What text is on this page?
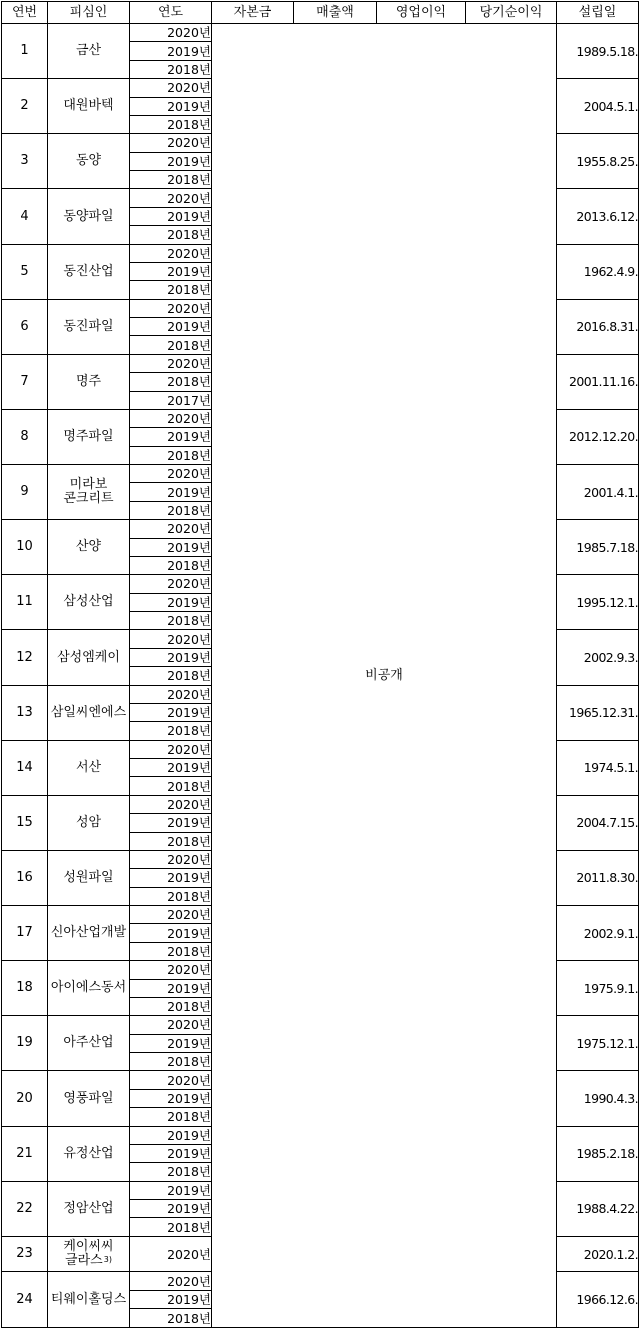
연번	피심인	연도	자본금	매출액	영업이익	당기순이익	설립일
1	금산	2020년	비공개				1989.5.18.
		2019년					
		2018년					
2	대원바텍	2020년					2004.5.1.
		2019년					
		2018년					
3	동양	2020년					1955.8.25.
		2019년					
		2018년					
4	동양파일	2020년					2013.6.12.
		2019년					
		2018년					
5	동진산업	2020년					1962.4.9.
		2019년					
		2018년					
6	동진파일	2020년					2016.8.31.
		2019년					
		2018년					
7	명주	2020년					2001.11.16.
		2018년					
		2017년					
8	명주파일	2020년					2012.12.20.
		2019년					
		2018년					
9	미라보
콘크리트	2020년					2001.4.1.
		2019년					
		2018년					
10	산양	2020년					1985.7.18.
		2019년					
		2018년					
11	삼성산업	2020년					1995.12.1.
		2019년					
		2018년					
12	삼성엠케이	2020년					2002.9.3.
		2019년					
		2018년					
13	삼일씨엔에스	2020년					1965.12.31.
		2019년					
		2018년					
14	서산	2020년					1974.5.1.
		2019년					
		2018년					
15	성암	2020년					2004.7.15.
		2019년					
		2018년					
16	성원파일	2020년					2011.8.30.
		2019년					
		2018년					
17	신아산업개발	2020년					2002.9.1.
		2019년					
		2018년					
18	아이에스동서	2020년					1975.9.1.
		2019년					
		2018년					
19	아주산업	2020년					1975.12.1.
		2019년					
		2018년					
20	영풍파일	2020년					1990.4.3.
		2019년					
		2018년					
21	유정산업	2019년					1985.2.18.
		2019년					
		2018년					
22	정암산업	2019년					1988.4.22.
		2019년					
		2018년					
23	케이씨씨
글라스$^{3)}$	2020년					2020.1.2.
24	티웨이홀딩스	2020년					1966.12.6.
		2019년					
		2018년					
